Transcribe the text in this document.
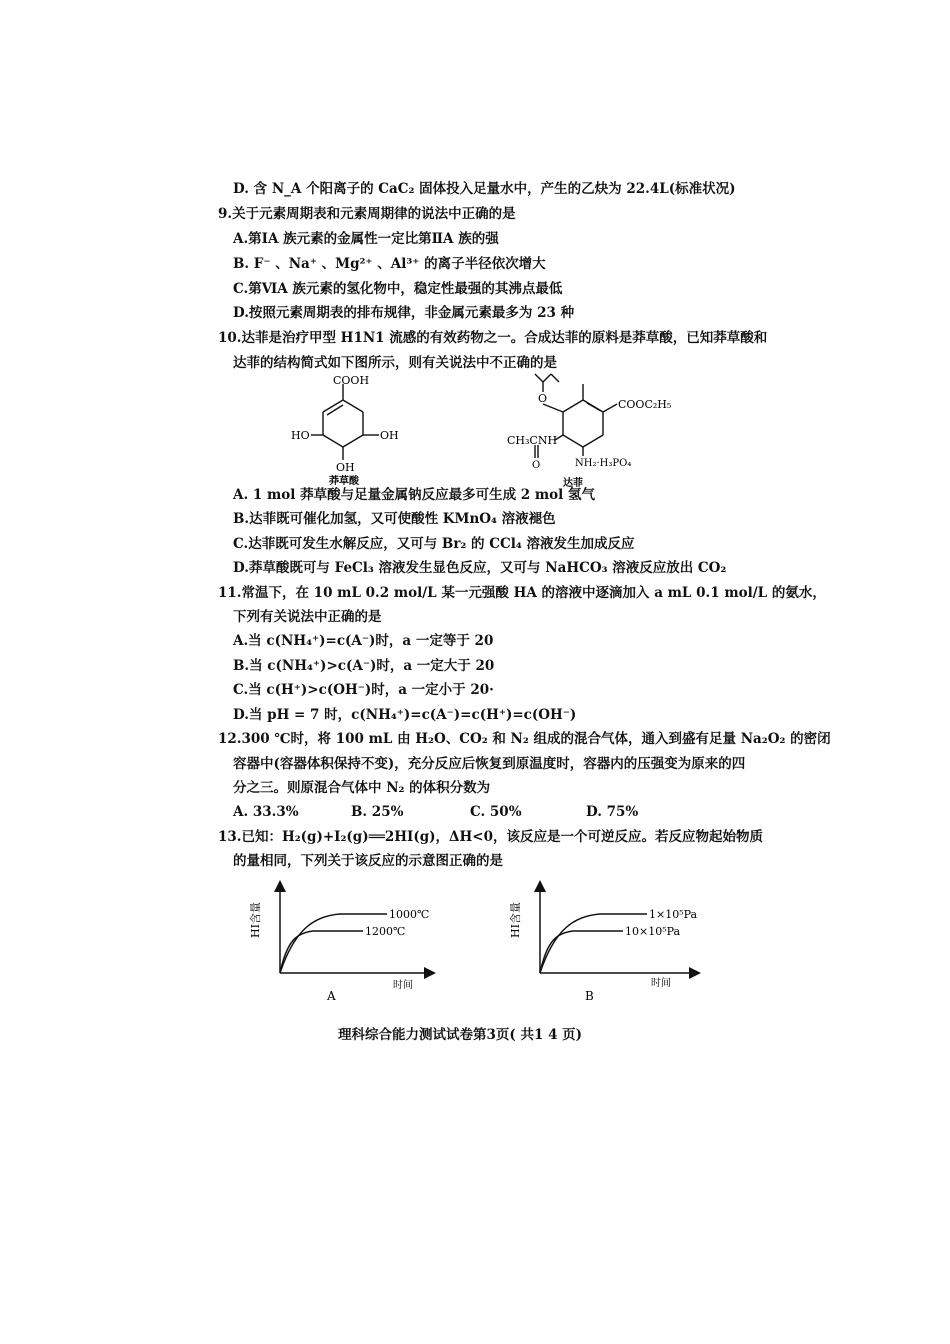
D. 含 N_A 个阳离子的 CaC₂ 固体投入足量水中，产生的乙炔为 22.4L(标准状况)
9.关于元素周期表和元素周期律的说法中正确的是
A.第ⅠA 族元素的金属性一定比第ⅡA 族的强
B. F⁻ 、Na⁺ 、Mg²⁺ 、Al³⁺ 的离子半径依次增大
C.第ⅥA 族元素的氢化物中，稳定性最强的其沸点最低
D.按照元素周期表的排布规律，非金属元素最多为 23 种
10.达菲是治疗甲型 H1N1 流感的有效药物之一。合成达菲的原料是莽草酸，已知莽草酸和
达菲的结构简式如下图所示，则有关说法中不正确的是
COOH
HO	OH
OH
莽草酸
O	COOC₂H₅
CH₃CNH
O	NH₂·H₃PO₄
达菲
A. 1 mol 莽草酸与足量金属钠反应最多可生成 2 mol 氢气
B.达菲既可催化加氢，又可使酸性 KMnO₄ 溶液褪色
C.达菲既可发生水解反应，又可与 Br₂ 的 CCl₄ 溶液发生加成反应
D.莽草酸既可与 FeCl₃ 溶液发生显色反应，又可与 NaHCO₃ 溶液反应放出 CO₂
11.常温下，在 10 mL 0.2 mol/L 某一元强酸 HA 的溶液中逐滴加入 a mL 0.1 mol/L 的氨水，
下列有关说法中正确的是
A.当 c(NH₄⁺)=c(A⁻)时，a 一定等于 20
B.当 c(NH₄⁺)>c(A⁻)时，a 一定大于 20
C.当 c(H⁺)>c(OH⁻)时，a 一定小于 20·
D.当 pH = 7 时，c(NH₄⁺)=c(A⁻)=c(H⁺)=c(OH⁻)
12.300 ℃时，将 100 mL 由 H₂O、CO₂ 和 N₂ 组成的混合气体，通入到盛有足量 Na₂O₂ 的密闭
容器中(容器体积保持不变)，充分反应后恢复到原温度时，容器内的压强变为原来的四
分之三。则原混合气体中 N₂ 的体积分数为
A. 33.3%	B. 25%	C. 50%	D. 75%
13.已知：H₂(g)+I₂(g)══2HI(g)，ΔH<0，该反应是一个可逆反应。若反应物起始物质
的量相同，下列关于该反应的示意图正确的是
HI含量	1000℃
1200℃
时间
A
HI含量	1×10⁵Pa
10×10⁵Pa
时间
B
理科综合能力测试试卷第3页( 共1 4 页)
